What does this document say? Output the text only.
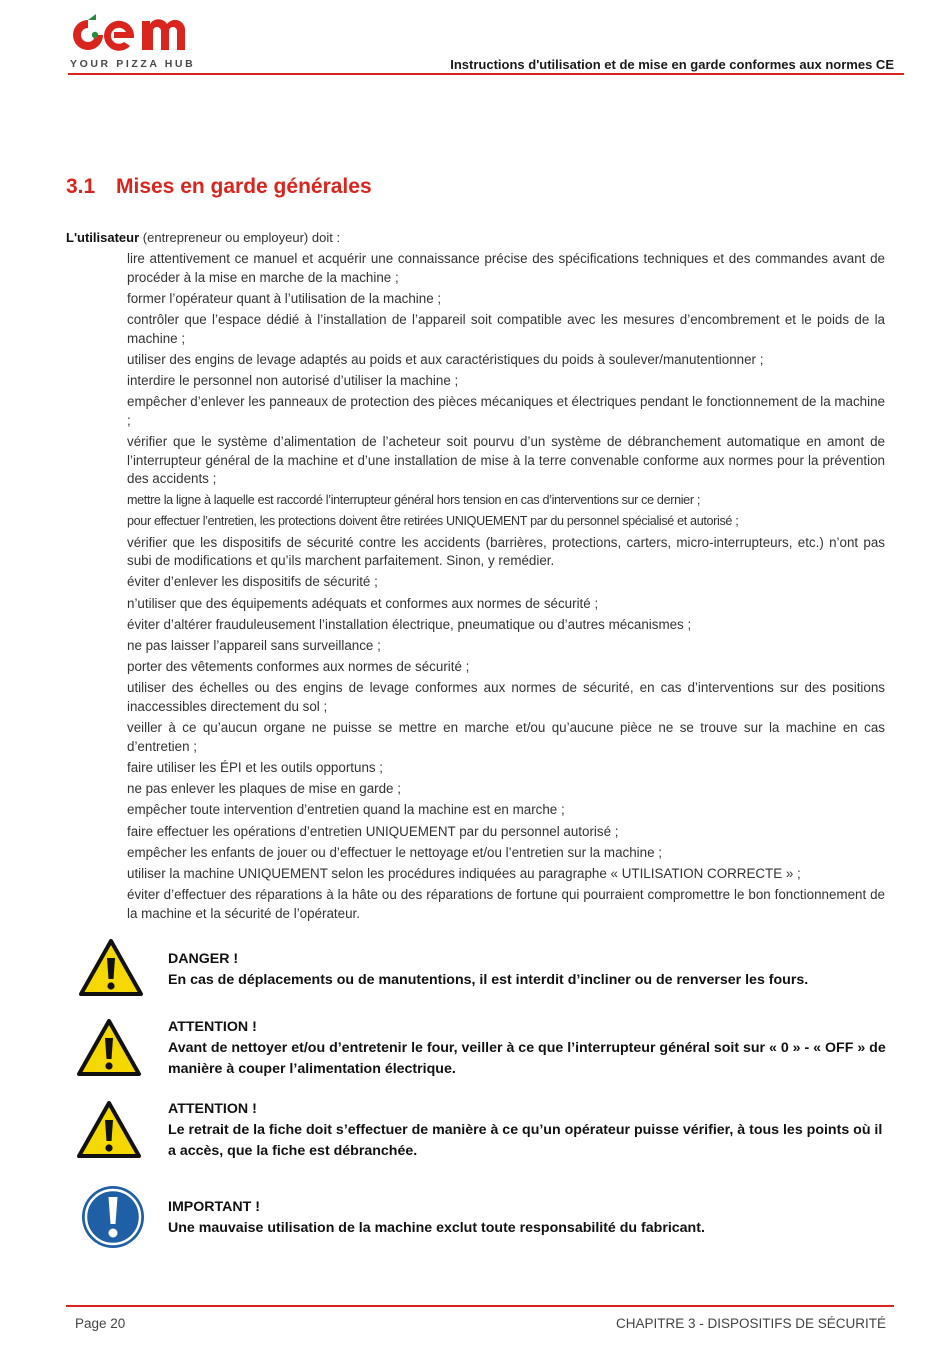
YOUR PIZZA HUB	Instructions d'utilisation et de mise en garde conformes aux normes CE
3.1 Mises en garde générales
L'utilisateur (entrepreneur ou employeur) doit :
lire attentivement ce manuel et acquérir une connaissance précise des spécifications techniques et des commandes avant de procéder à la mise en marche de la machine ;
former l’opérateur quant à l’utilisation de la machine ;
contrôler que l’espace dédié à l’installation de l’appareil soit compatible avec les mesures d’encombrement et le poids de la machine ;
utiliser des engins de levage adaptés au poids et aux caractéristiques du poids à soulever/manutentionner ;
interdire le personnel non autorisé d’utiliser la machine ;
empêcher d’enlever les panneaux de protection des pièces mécaniques et électriques pendant le fonctionnement de la machine ;
vérifier que le système d’alimentation de l’acheteur soit pourvu d’un système de débranchement automatique en amont de l’interrupteur général de la machine et d’une installation de mise à la terre convenable conforme aux normes pour la prévention des accidents ;
mettre la ligne à laquelle est raccordé l’interrupteur général hors tension en cas d’interventions sur ce dernier ;
pour effectuer l’entretien, les protections doivent être retirées UNIQUEMENT par du personnel spécialisé et autorisé ;
vérifier que les dispositifs de sécurité contre les accidents (barrières, protections, carters, micro-interrupteurs, etc.) n’ont pas subi de modifications et qu’ils marchent parfaitement. Sinon, y remédier.
éviter d’enlever les dispositifs de sécurité ;
n’utiliser que des équipements adéquats et conformes aux normes de sécurité ;
éviter d’altérer frauduleusement l’installation électrique, pneumatique ou d’autres mécanismes ;
ne pas laisser l’appareil sans surveillance ;
porter des vêtements conformes aux normes de sécurité ;
utiliser des échelles ou des engins de levage conformes aux normes de sécurité, en cas d’interventions sur des positions inaccessibles directement du sol ;
veiller à ce qu’aucun organe ne puisse se mettre en marche et/ou qu’aucune pièce ne se trouve sur la machine en cas d’entretien ;
faire utiliser les ÉPI et les outils opportuns ;
ne pas enlever les plaques de mise en garde ;
empêcher toute intervention d’entretien quand la machine est en marche ;
faire effectuer les opérations d’entretien UNIQUEMENT par du personnel autorisé ;
empêcher les enfants de jouer ou d’effectuer le nettoyage et/ou l’entretien sur la machine ;
utiliser la machine UNIQUEMENT selon les procédures indiquées au paragraphe « UTILISATION CORRECTE » ;
éviter d’effectuer des réparations à la hâte ou des réparations de fortune qui pourraient compromettre le bon fonctionnement de la machine et la sécurité de l’opérateur.
DANGER !
En cas de déplacements ou de manutentions, il est interdit d’incliner ou de renverser les fours.
ATTENTION !
Avant de nettoyer et/ou d’entretenir le four, veiller à ce que l’interrupteur général soit sur « 0 » - « OFF » de manière à couper l’alimentation électrique.
ATTENTION !
Le retrait de la fiche doit s’effectuer de manière à ce qu’un opérateur puisse vérifier, à tous les points où il a accès, que la fiche est débranchée.
IMPORTANT !
Une mauvaise utilisation de la machine exclut toute responsabilité du fabricant.
Page 20	CHAPITRE 3 - DISPOSITIFS DE SÉCURITÉ
